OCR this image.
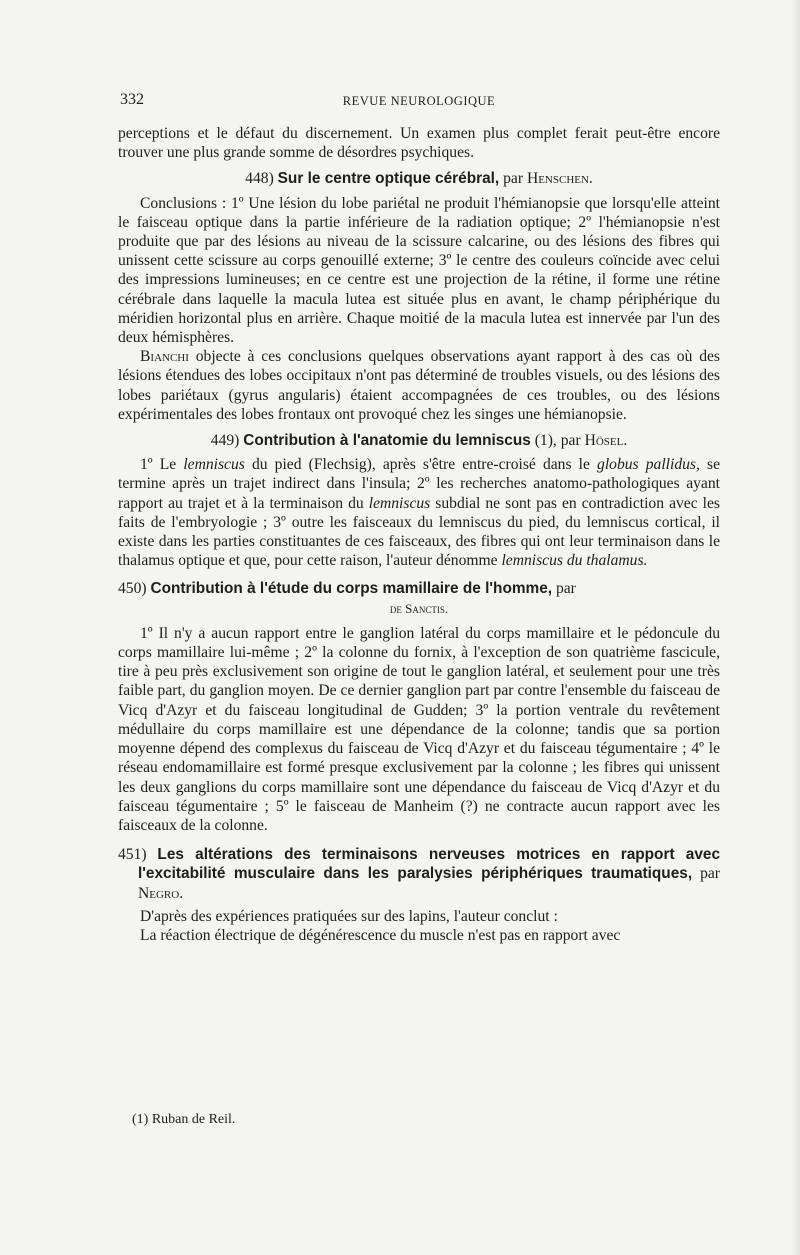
332	REVUE NEUROLOGIQUE

perceptions et le défaut du discernement. Un examen plus complet ferait peut-être encore trouver une plus grande somme de désordres psychiques.

448) Sur le centre optique cérébral, par Henschen.

Conclusions : 1º Une lésion du lobe pariétal ne produit l'hémianopsie que lorsqu'elle atteint le faisceau optique dans la partie inférieure de la radiation optique; 2º l'hémianopsie n'est produite que par des lésions au niveau de la scissure calcarine, ou des lésions des fibres qui unissent cette scissure au corps genouillé externe; 3º le centre des couleurs coïncide avec celui des impressions lumineuses; en ce centre est une projection de la rétine, il forme une rétine cérébrale dans laquelle la macula lutea est située plus en avant, le champ périphérique du méridien horizontal plus en arrière. Chaque moitié de la macula lutea est innervée par l'un des deux hémisphères.

Bianchi objecte à ces conclusions quelques observations ayant rapport à des cas où des lésions étendues des lobes occipitaux n'ont pas déterminé de troubles visuels, ou des lésions des lobes pariétaux (gyrus angularis) étaient accompagnées de ces troubles, ou des lésions expérimentales des lobes frontaux ont provoqué chez les singes une hémianopsie.

449) Contribution à l'anatomie du lemniscus (1), par Hösel.

1º Le lemniscus du pied (Flechsig), après s'être entre-croisé dans le globus pallidus, se termine après un trajet indirect dans l'insula; 2º les recherches anatomo-pathologiques ayant rapport au trajet et à la terminaison du lemniscus subdial ne sont pas en contradiction avec les faits de l'embryologie ; 3º outre les faisceaux du lemniscus du pied, du lemniscus cortical, il existe dans les parties constituantes de ces faisceaux, des fibres qui ont leur terminaison dans le thalamus optique et que, pour cette raison, l'auteur dénomme lemniscus du thalamus.

450) Contribution à l'étude du corps mamillaire de l'homme, par
de Sanctis.

1º Il n'y a aucun rapport entre le ganglion latéral du corps mamillaire et le pédoncule du corps mamillaire lui-même ; 2º la colonne du fornix, à l'exception de son quatrième fascicule, tire à peu près exclusivement son origine de tout le ganglion latéral, et seulement pour une très faible part, du ganglion moyen. De ce dernier ganglion part par contre l'ensemble du faisceau de Vicq d'Azyr et du faisceau longitudinal de Gudden; 3º la portion ventrale du revêtement médullaire du corps mamillaire est une dépendance de la colonne; tandis que sa portion moyenne dépend des complexus du faisceau de Vicq d'Azyr et du faisceau tégumentaire ; 4º le réseau endomamillaire est formé presque exclusivement par la colonne ; les fibres qui unissent les deux ganglions du corps mamillaire sont une dépendance du faisceau de Vicq d'Azyr et du faisceau tégumentaire ; 5º le faisceau de Manheim (?) ne contracte aucun rapport avec les faisceaux de la colonne.

451) Les altérations des terminaisons nerveuses motrices en rapport avec l'excitabilité musculaire dans les paralysies périphériques traumatiques, par Negro.

D'après des expériences pratiquées sur des lapins, l'auteur conclut :

La réaction électrique de dégénérescence du muscle n'est pas en rapport avec

(1) Ruban de Reil.
